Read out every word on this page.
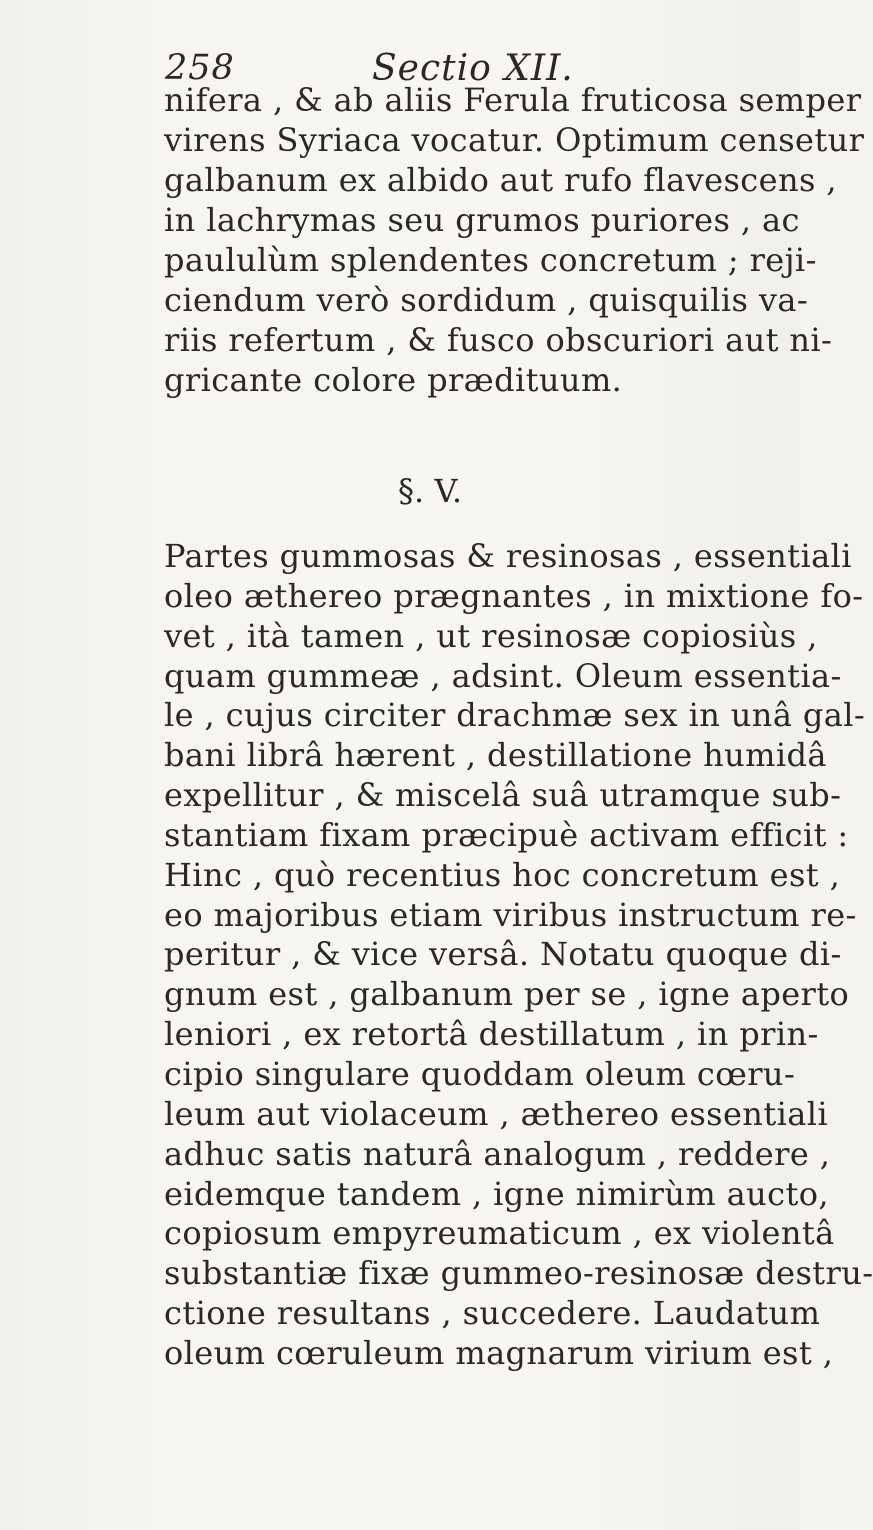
258	Sectio XII.
nifera , & ab aliis Ferula fruticosa semper
virens Syriaca vocatur. Optimum censetur
galbanum ex albido aut rufo flavescens ,
in lachrymas seu grumos puriores , ac
paululùm splendentes concretum ; reji-
ciendum verò sordidum , quisquilis va-
riis refertum , & fusco obscuriori aut ni-
gricante colore prædituum.
§. V.
Partes gummosas & resinosas , essentiali
oleo æthereo prægnantes , in mixtione fo-
vet , ità tamen , ut resinosæ copiosiùs ,
quam gummeæ , adsint. Oleum essentia-
le , cujus circiter drachmæ sex in unâ gal-
bani librâ hærent , destillatione humidâ
expellitur , & miscelâ suâ utramque sub-
stantiam fixam præcipuè activam efficit :
Hinc , quò recentius hoc concretum est ,
eo majoribus etiam viribus instructum re-
peritur , & vice versâ. Notatu quoque di-
gnum est , galbanum per se , igne aperto
leniori , ex retortâ destillatum , in prin-
cipio singulare quoddam oleum cœru-
leum aut violaceum , æthereo essentiali
adhuc satis naturâ analogum , reddere ,
eidemque tandem , igne nimirùm aucto,
copiosum empyreumaticum , ex violentâ
substantiæ fixæ gummeo-resinosæ destru-
ctione resultans , succedere. Laudatum
oleum cœruleum magnarum virium est ,
